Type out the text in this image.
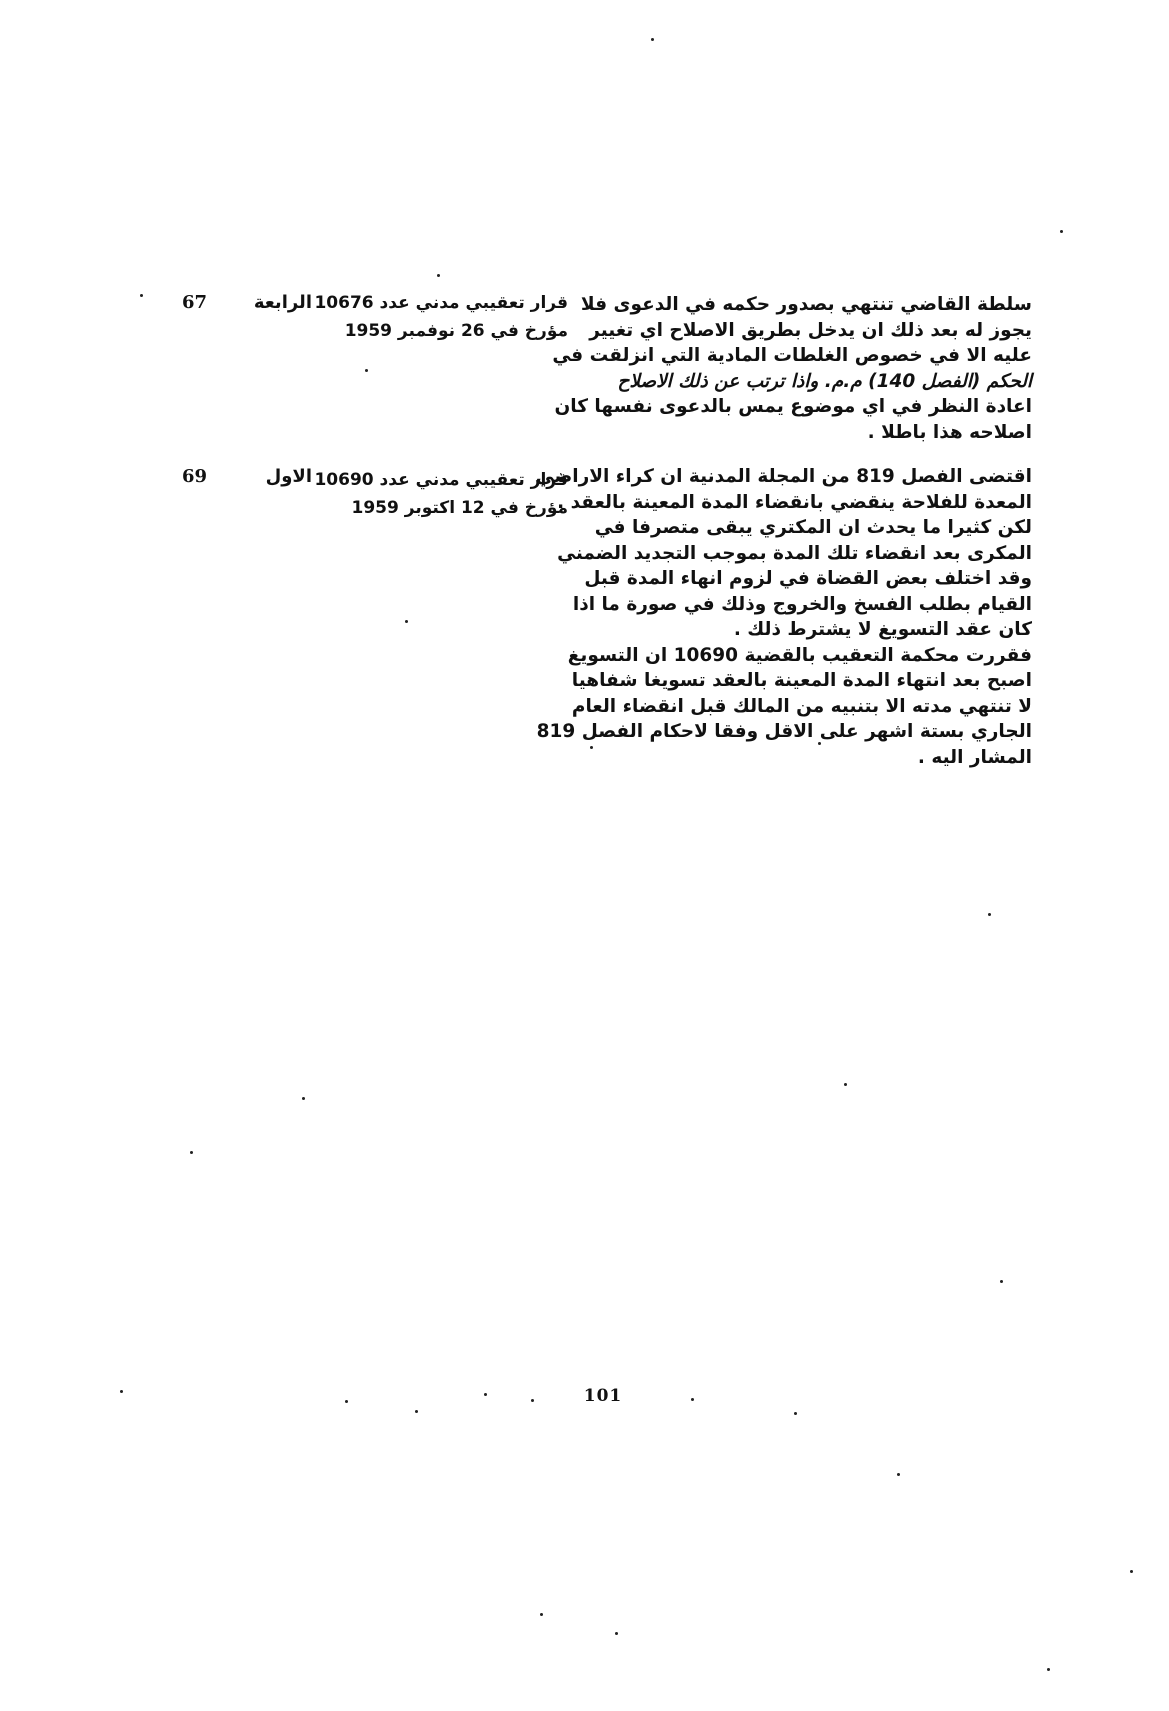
سلطة القاضي تنتهي بصدور حكمه في الدعوى فلا
يجوز له بعد ذلك ان يدخل بطريق الاصلاح اي تغيير
عليه الا في خصوص الغلطات المادية التي انزلقت في
الحكم (الفصل 140) م.م. واذا ترتب عن ذلك الاصلاح
اعادة النظر في اي موضوع يمس بالدعوى نفسها كان
اصلاحه هذا باطلا .
قرار تعقيبي مدني عدد 10676
مؤرخ في 26 نوفمبر 1959
الرابعة
67
اقتضى الفصل 819 من المجلة المدنية ان كراء الاراضي
المعدة للفلاحة ينقضي بانقضاء المدة المعينة بالعقد .
لكن كثيرا ما يحدث ان المكتري يبقى متصرفا في
المكرى بعد انقضاء تلك المدة بموجب التجديد الضمني
وقد اختلف بعض القضاة في لزوم انهاء المدة قبل
القيام بطلب الفسخ والخروج وذلك في صورة ما اذا
كان عقد التسويغ لا يشترط ذلك .
فقررت محكمة التعقيب بالقضية 10690 ان التسويغ
اصبح بعد انتهاء المدة المعينة بالعقد تسويغا شفاهيا
لا تنتهي مدته الا بتنبيه من المالك قبل انقضاء العام
الجاري بستة اشهر على الاقل وفقا لاحكام الفصل 819
المشار اليه .
قرار تعقيبي مدني عدد 10690
مؤرخ في 12 اكتوبر 1959
الاول
69
101
